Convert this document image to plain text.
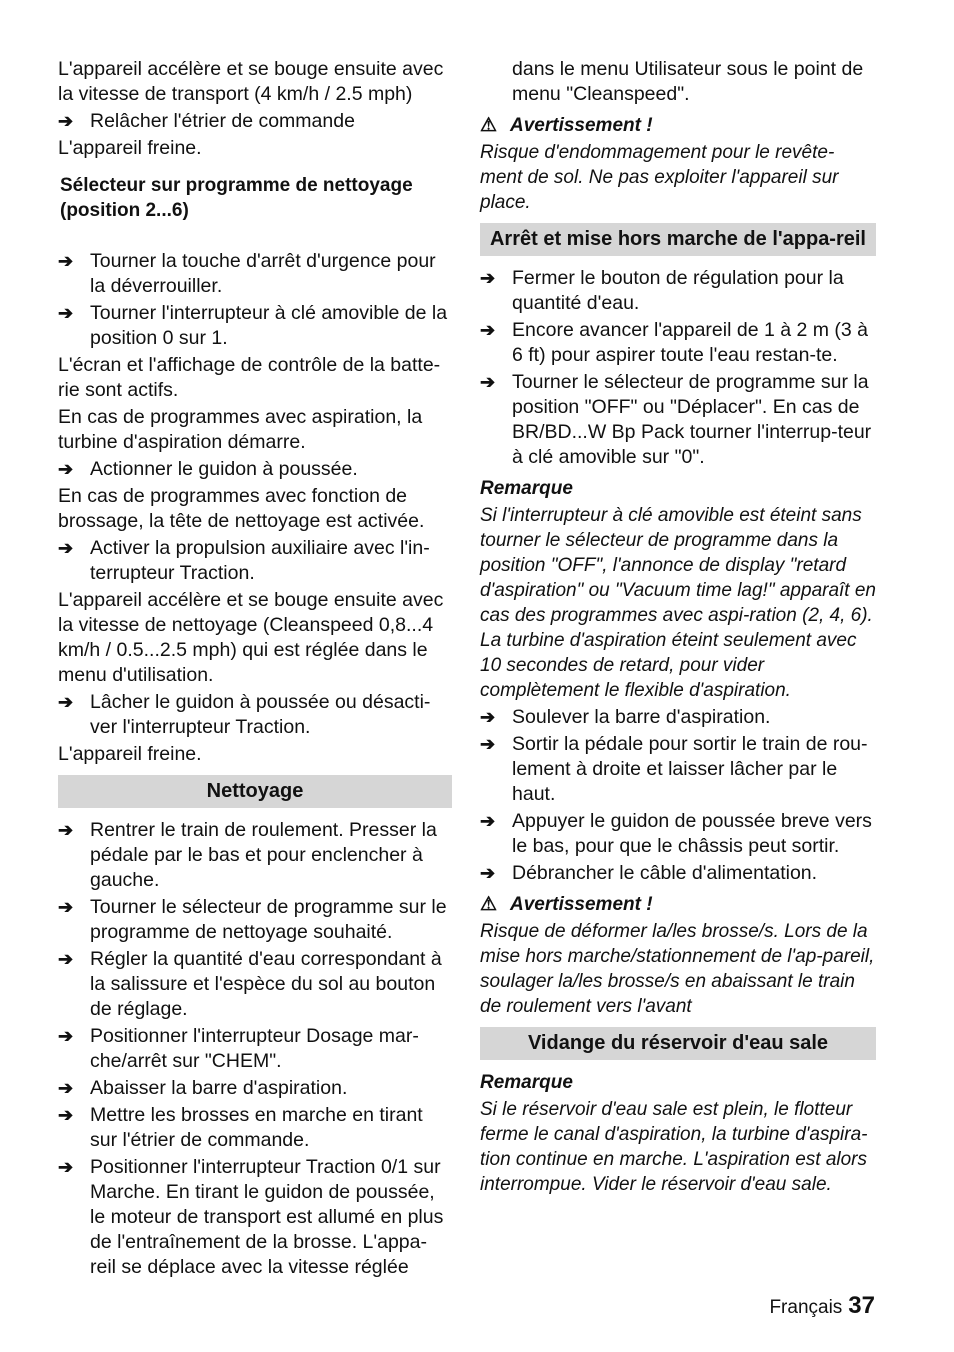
L'appareil accélère et se bouge ensuite avec la vitesse de transport (4 km/h / 2.5 mph)

➔ Relâcher l'étrier de commande

L'appareil freine.

Sélecteur sur programme de nettoyage (position 2...6)
➔ Tourner la touche d'arrêt d'urgence pour la déverrouiller.
➔ Tourner l'interrupteur à clé amovible de la position 0 sur 1.

L'écran et l'affichage de contrôle de la batte-rie sont actifs.

En cas de programmes avec aspiration, la turbine d'aspiration démarre.

➔ Actionner le guidon à poussée.

En cas de programmes avec fonction de brossage, la tête de nettoyage est activée.

➔ Activer la propulsion auxiliaire avec l'in-terrupteur Traction.

L'appareil accélère et se bouge ensuite avec la vitesse de nettoyage (Cleanspeed 0,8...4 km/h / 0.5...2.5 mph) qui est réglée dans le menu d'utilisation.

➔ Lâcher le guidon à poussée ou désacti-ver l'interrupteur Traction.

L'appareil freine.

Nettoyage
➔ Rentrer le train de roulement. Presser la pédale par le bas et pour enclencher à gauche.
➔ Tourner le sélecteur de programme sur le programme de nettoyage souhaité.
➔ Régler la quantité d'eau correspondant à la salissure et l'espèce du sol au bouton de réglage.
➔ Positionner l'interrupteur Dosage mar-che/arrêt sur "CHEM".
➔ Abaisser la barre d'aspiration.
➔ Mettre les brosses en marche en tirant sur l'étrier de commande.
➔ Positionner l'interrupteur Traction 0/1 sur Marche. En tirant le guidon de poussée, le moteur de transport est allumé en plus de l'entraînement de la brosse. L'appa-reil se déplace avec la vitesse réglée
dans le menu Utilisateur sous le point de menu "Cleanspeed".
⚠ Avertissement !

Risque d'endommagement pour le revête-ment de sol. Ne pas exploiter l'appareil sur place.

Arrêt et mise hors marche de l'appa-reil
➔ Fermer le bouton de régulation pour la quantité d'eau.
➔ Encore avancer l'appareil de 1 à 2 m (3 à 6 ft) pour aspirer toute l'eau restan-te.
➔ Tourner le sélecteur de programme sur la position "OFF" ou "Déplacer". En cas de BR/BD...W Bp Pack tourner l'interrup-teur à clé amovible sur "0".
Remarque

Si l'interrupteur à clé amovible est éteint sans tourner le sélecteur de programme dans la position "OFF", l'annonce de display "retard d'aspiration" ou "Vacuum time lag!" apparaît en cas des programmes avec aspi-ration (2, 4, 6). La turbine d'aspiration éteint seulement avec 10 secondes de retard, pour vider complètement le flexible d'aspiration.

➔ Soulever la barre d'aspiration.
➔ Sortir la pédale pour sortir le train de rou-lement à droite et laisser lâcher par le haut.
➔ Appuyer le guidon de poussée breve vers le bas, pour que le châssis peut sortir.
➔ Débrancher le câble d'alimentation.
⚠ Avertissement !

Risque de déformer la/les brosse/s. Lors de la mise hors marche/stationnement de l'ap-pareil, soulager la/les brosse/s en abaissant le train de roulement vers l'avant

Vidange du réservoir d'eau sale
Remarque

Si le réservoir d'eau sale est plein, le flotteur ferme le canal d'aspiration, la turbine d'aspira-tion continue en marche. L'aspiration est alors interrompue. Vider le réservoir d'eau sale.

Français 37
